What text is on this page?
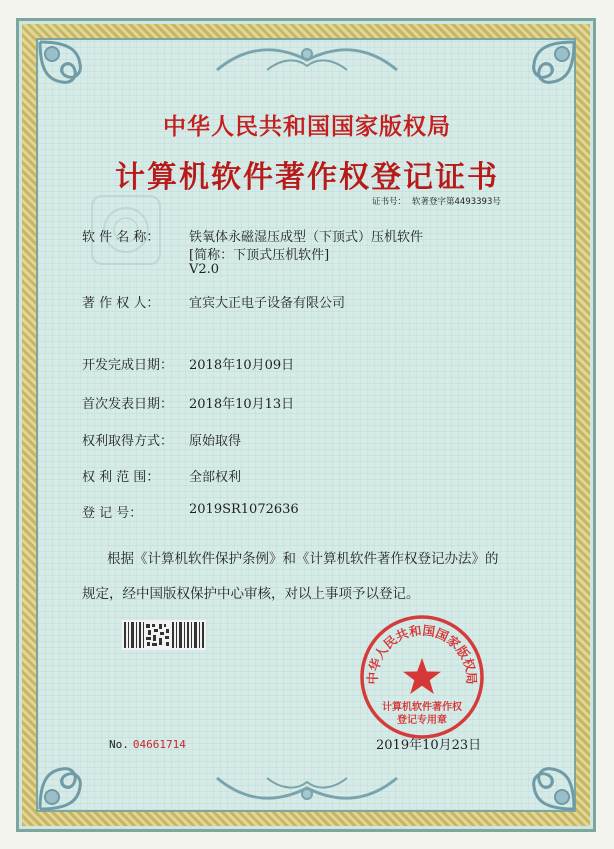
中华人民共和国国家版权局
计算机软件著作权登记证书
证书号： 软著登字第4493393号
软 件 名 称： 铁氧体永磁湿压成型（下顶式）压机软件
[简称：下顶式压机软件]
V2.0
著 作 权 人： 宜宾大正电子设备有限公司
开发完成日期： 2018年10月09日
首次发表日期： 2018年10月13日
权利取得方式： 原始取得
权 利 范 围： 全部权利
登 记 号：	2019SR1072636
根据《计算机软件保护条例》和《计算机软件著作权登记办法》的
规定，经中国版权保护中心审核，对以上事项予以登记。
No. 04661714	2019年10月23日
中华人民共和国国家版权局
计算机软件著作权
登记专用章
